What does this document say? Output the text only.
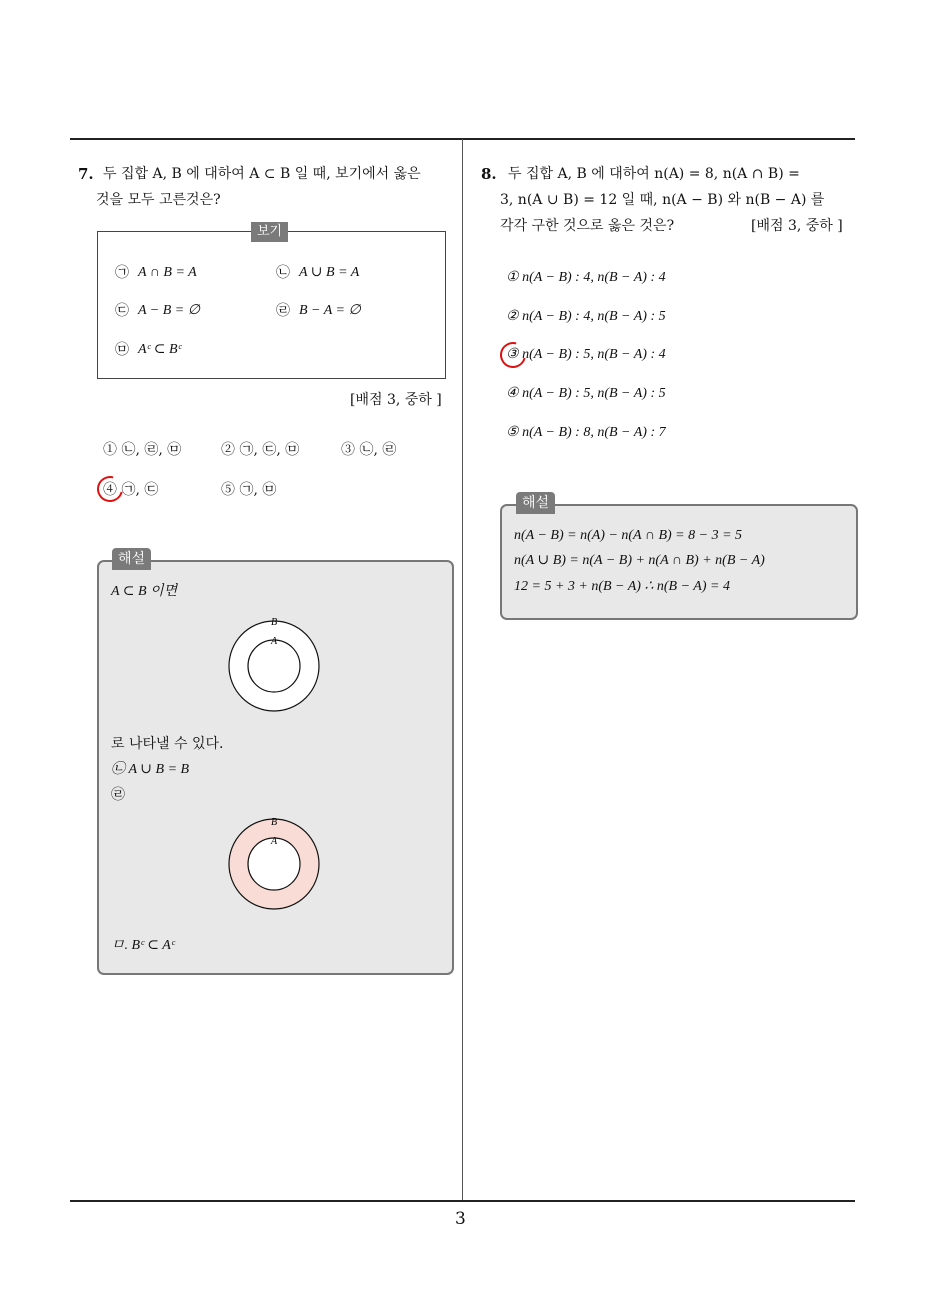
3
7. 두 집합 A, B 에 대하여 A ⊂ B 일 때, 보기에서 옳은
것을 모두 고른것은?
보기
㉠ A ∩ B = A	㉡ A ∪ B = A
㉢ A − B = ∅	㉣ B − A = ∅
㉤ Aᶜ ⊂ Bᶜ
[배점 3, 중하 ]
① ㉡, ㉣, ㉤	② ㉠, ㉢, ㉤	③ ㉡, ㉣
④ ㉠, ㉢	⑤ ㉠, ㉤
해설
A ⊂ B 이면
B
A
로 나타낼 수 있다.
㉡ A ∪ B = B
㉣
B
A
ㅁ. Bᶜ ⊂ Aᶜ
8. 두 집합 A, B 에 대하여 n(A) = 8, n(A ∩ B) =
3, n(A ∪ B) = 12 일 때, n(A − B) 와 n(B − A) 를
각각 구한 것으로 옳은 것은?	[배점 3, 중하 ]
① n(A − B) : 4, n(B − A) : 4
② n(A − B) : 4, n(B − A) : 5
③ n(A − B) : 5, n(B − A) : 4
④ n(A − B) : 5, n(B − A) : 5
⑤ n(A − B) : 8, n(B − A) : 7
해설
n(A − B) = n(A) − n(A ∩ B) = 8 − 3 = 5
n(A ∪ B) = n(A − B) + n(A ∩ B) + n(B − A)
12 = 5 + 3 + n(B − A) ∴ n(B − A) = 4
